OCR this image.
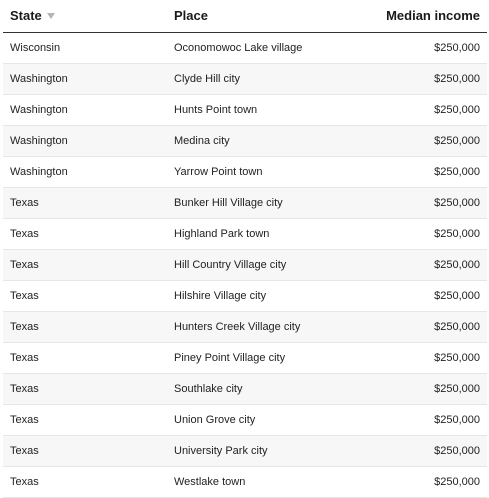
State	Place	Median income
Wisconsin	Oconomowoc Lake village	$250,000
Washington	Clyde Hill city	$250,000
Washington	Hunts Point town	$250,000
Washington	Medina city	$250,000
Washington	Yarrow Point town	$250,000
Texas	Bunker Hill Village city	$250,000
Texas	Highland Park town	$250,000
Texas	Hill Country Village city	$250,000
Texas	Hilshire Village city	$250,000
Texas	Hunters Creek Village city	$250,000
Texas	Piney Point Village city	$250,000
Texas	Southlake city	$250,000
Texas	Union Grove city	$250,000
Texas	University Park city	$250,000
Texas	Westlake town	$250,000
